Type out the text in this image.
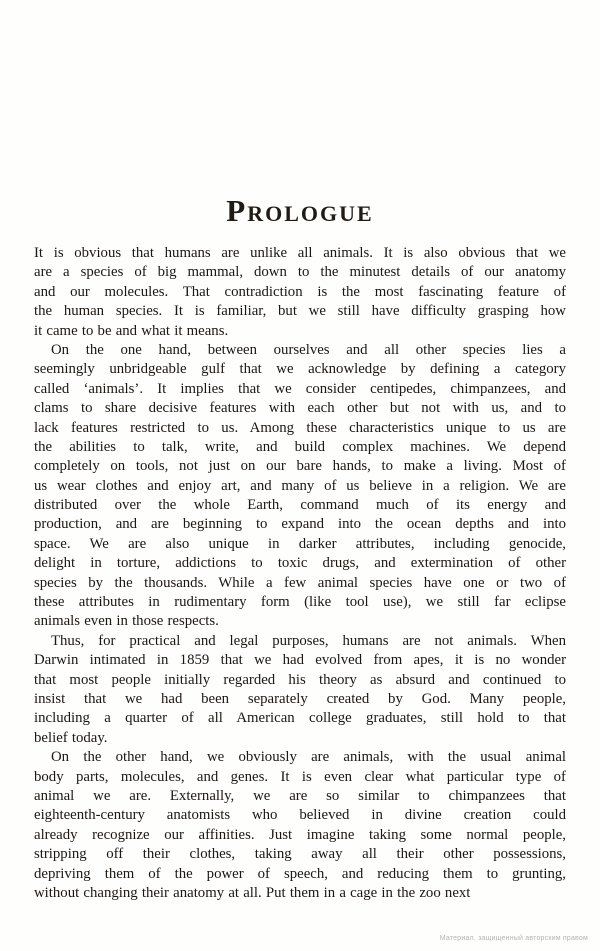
Prologue
It is obvious that humans are unlike all animals. It is also obvious that we
are a species of big mammal, down to the minutest details of our anatomy
and our molecules. That contradiction is the most fascinating feature of
the human species. It is familiar, but we still have difficulty grasping how
it came to be and what it means.
On the one hand, between ourselves and all other species lies a
seemingly unbridgeable gulf that we acknowledge by defining a category
called ‘animals’. It implies that we consider centipedes, chimpanzees, and
clams to share decisive features with each other but not with us, and to
lack features restricted to us. Among these characteristics unique to us are
the abilities to talk, write, and build complex machines. We depend
completely on tools, not just on our bare hands, to make a living. Most of
us wear clothes and enjoy art, and many of us believe in a religion. We are
distributed over the whole Earth, command much of its energy and
production, and are beginning to expand into the ocean depths and into
space. We are also unique in darker attributes, including genocide,
delight in torture, addictions to toxic drugs, and extermination of other
species by the thousands. While a few animal species have one or two of
these attributes in rudimentary form (like tool use), we still far eclipse
animals even in those respects.
Thus, for practical and legal purposes, humans are not animals. When
Darwin intimated in 1859 that we had evolved from apes, it is no wonder
that most people initially regarded his theory as absurd and continued to
insist that we had been separately created by God. Many people,
including a quarter of all American college graduates, still hold to that
belief today.
On the other hand, we obviously are animals, with the usual animal
body parts, molecules, and genes. It is even clear what particular type of
animal we are. Externally, we are so similar to chimpanzees that
eighteenth-century anatomists who believed in divine creation could
already recognize our affinities. Just imagine taking some normal people,
stripping off their clothes, taking away all their other possessions,
depriving them of the power of speech, and reducing them to grunting,
without changing their anatomy at all. Put them in a cage in the zoo next
Материал, защищенный авторским правом
